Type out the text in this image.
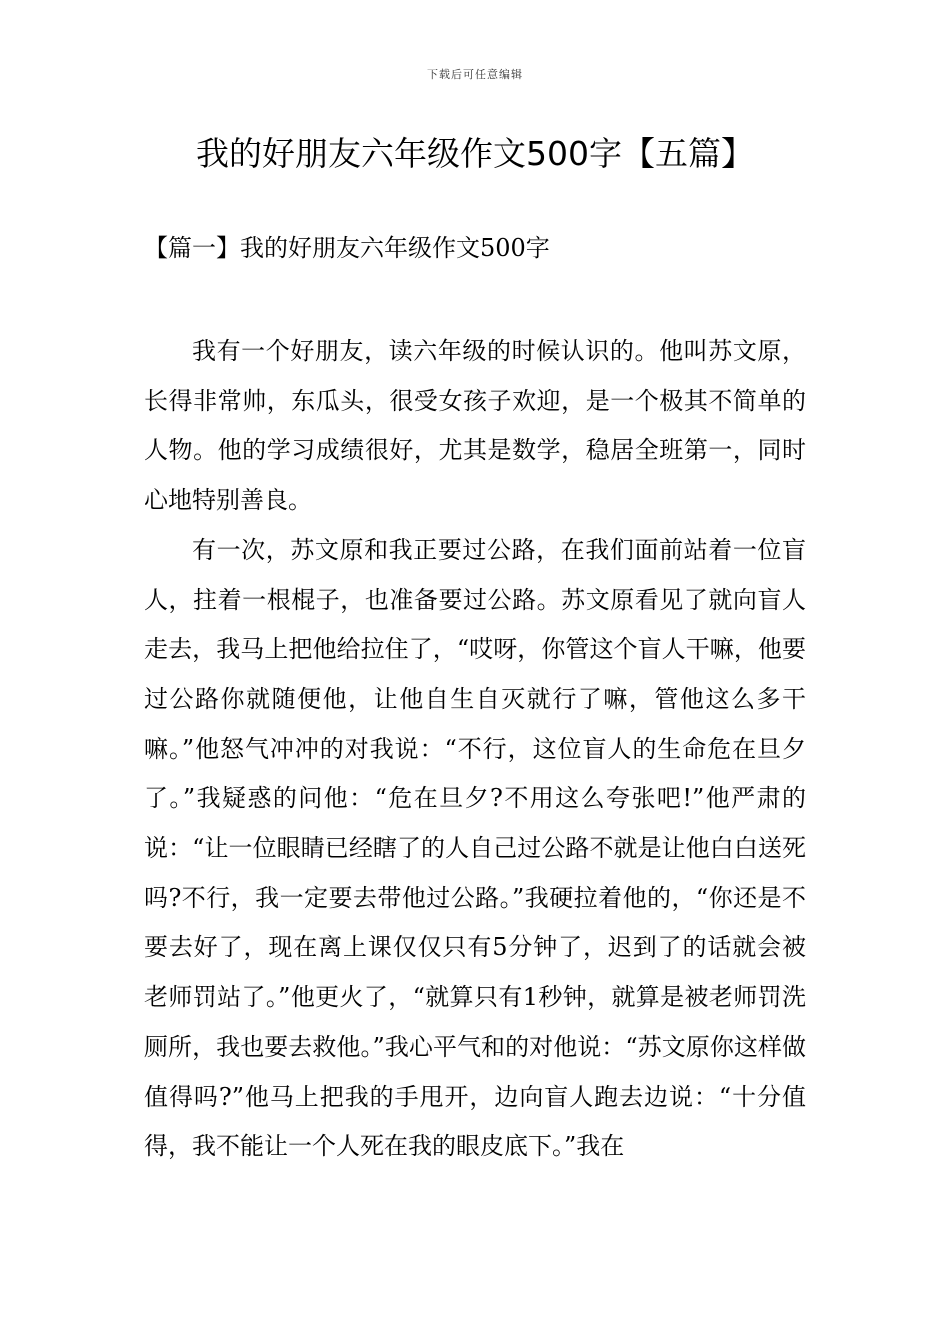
下载后可任意编辑
我的好朋友六年级作文500字【五篇】
【篇一】我的好朋友六年级作文500字

我有一个好朋友，读六年级的时候认识的。他叫苏文原，长得非常帅，东瓜头，很受女孩子欢迎，是一个极其不简单的人物。他的学习成绩很好，尤其是数学，稳居全班第一，同时心地特别善良。

有一次，苏文原和我正要过公路，在我们面前站着一位盲人，拄着一根棍子，也准备要过公路。苏文原看见了就向盲人走去，我马上把他给拉住了，“哎呀，你管这个盲人干嘛，他要过公路你就随便他，让他自生自灭就行了嘛，管他这么多干嘛。”他怒气冲冲的对我说：“不行，这位盲人的生命危在旦夕了。”我疑惑的问他：“危在旦夕?不用这么夸张吧!”他严肃的说：“让一位眼睛已经瞎了的人自己过公路不就是让他白白送死吗?不行，我一定要去带他过公路。”我硬拉着他的，“你还是不要去好了，现在离上课仅仅只有5分钟了，迟到了的话就会被老师罚站了。”他更火了，“就算只有1秒钟，就算是被老师罚洗厕所，我也要去救他。”我心平气和的对他说：“苏文原你这样做值得吗?”他马上把我的手甩开，边向盲人跑去边说：“十分值得，我不能让一个人死在我的眼皮底下。”我在
